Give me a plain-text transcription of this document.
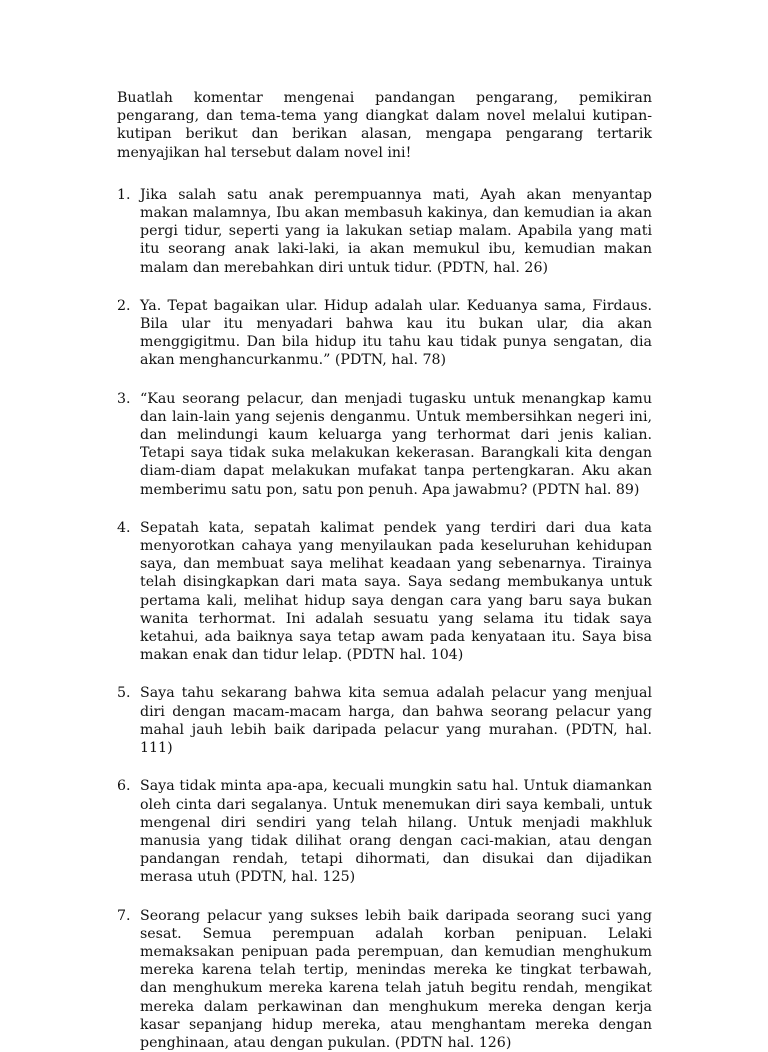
Buatlah komentar mengenai pandangan pengarang, pemikiran pengarang, dan tema-tema yang diangkat dalam novel melalui kutipan-kutipan berikut dan berikan alasan, mengapa pengarang tertarik menyajikan hal tersebut dalam novel ini!

1. Jika salah satu anak perempuannya mati, Ayah akan menyantap makan malamnya, Ibu akan membasuh kakinya, dan kemudian ia akan pergi tidur, seperti yang ia lakukan setiap malam. Apabila yang mati itu seorang anak laki-laki, ia akan memukul ibu, kemudian makan malam dan merebahkan diri untuk tidur. (PDTN, hal. 26)
2. Ya. Tepat bagaikan ular. Hidup adalah ular. Keduanya sama, Firdaus. Bila ular itu menyadari bahwa kau itu bukan ular, dia akan menggigitmu. Dan bila hidup itu tahu kau tidak punya sengatan, dia akan menghancurkanmu.” (PDTN, hal. 78)
3. “Kau seorang pelacur, dan menjadi tugasku untuk menangkap kamu dan lain-lain yang sejenis denganmu. Untuk membersihkan negeri ini, dan melindungi kaum keluarga yang terhormat dari jenis kalian. Tetapi saya tidak suka melakukan kekerasan. Barangkali kita dengan diam-diam dapat melakukan mufakat tanpa pertengkaran. Aku akan memberimu satu pon, satu pon penuh. Apa jawabmu? (PDTN hal. 89)
4. Sepatah kata, sepatah kalimat pendek yang terdiri dari dua kata menyorotkan cahaya yang menyilaukan pada keseluruhan kehidupan saya, dan membuat saya melihat keadaan yang sebenarnya. Tirainya telah disingkapkan dari mata saya. Saya sedang membukanya untuk pertama kali, melihat hidup saya dengan cara yang baru saya bukan wanita terhormat. Ini adalah sesuatu yang selama itu tidak saya ketahui, ada baiknya saya tetap awam pada kenyataan itu. Saya bisa makan enak dan tidur lelap. (PDTN hal. 104)
5. Saya tahu sekarang bahwa kita semua adalah pelacur yang menjual diri dengan macam-macam harga, dan bahwa seorang pelacur yang mahal jauh lebih baik daripada pelacur yang murahan. (PDTN, hal. 111)
6. Saya tidak minta apa-apa, kecuali mungkin satu hal. Untuk diamankan oleh cinta dari segalanya. Untuk menemukan diri saya kembali, untuk mengenal diri sendiri yang telah hilang. Untuk menjadi makhluk manusia yang tidak dilihat orang dengan caci-makian, atau dengan pandangan rendah, tetapi dihormati, dan disukai dan dijadikan merasa utuh (PDTN, hal. 125)
7. Seorang pelacur yang sukses lebih baik daripada seorang suci yang sesat. Semua perempuan adalah korban penipuan. Lelaki memaksakan penipuan pada perempuan, dan kemudian menghukum mereka karena telah tertip, menindas mereka ke tingkat terbawah, dan menghukum mereka karena telah jatuh begitu rendah, mengikat mereka dalam perkawinan dan menghukum mereka dengan kerja kasar sepanjang hidup mereka, atau menghantam mereka dengan penghinaan, atau dengan pukulan. (PDTN hal. 126)
